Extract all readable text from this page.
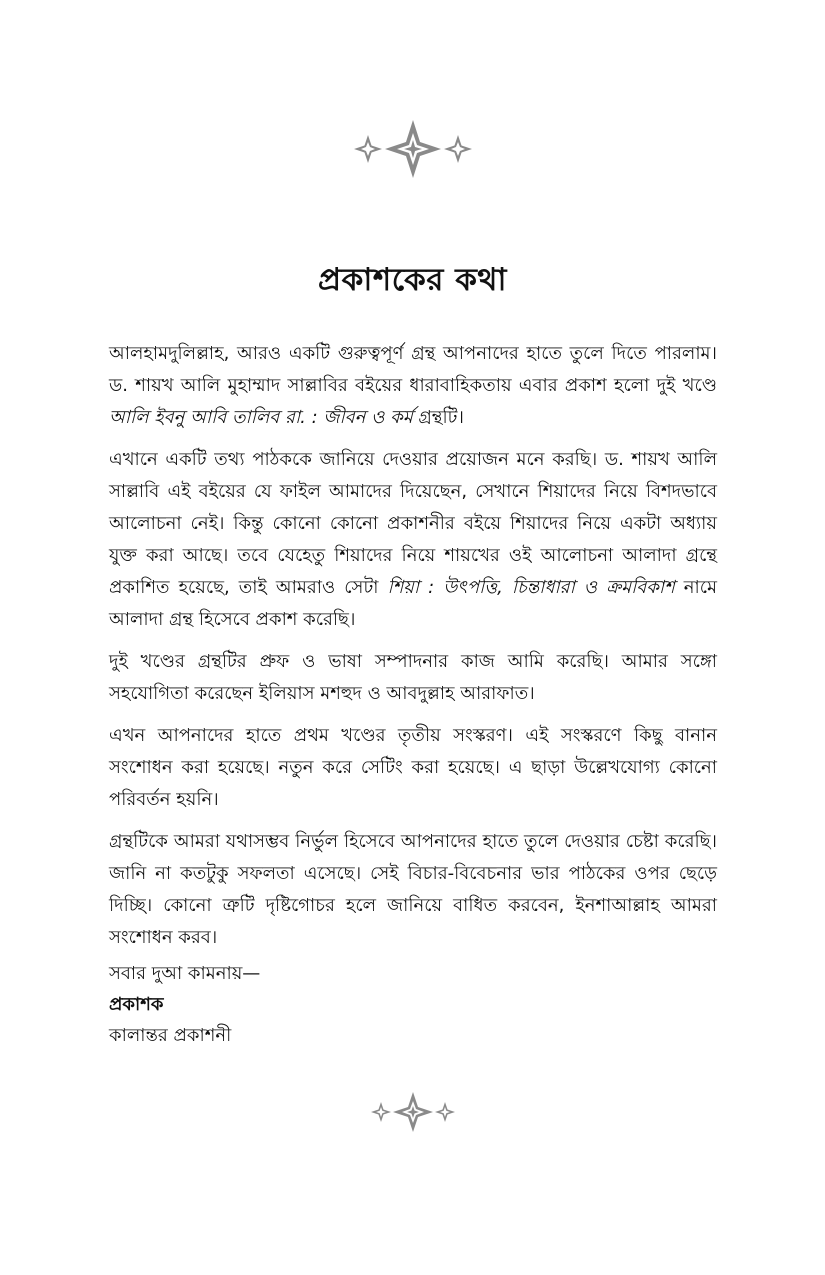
প্রকাশকের কথা

আলহামদুলিল্লাহ, আরও একটি গুরুত্বপূর্ণ গ্রন্থ আপনাদের হাতে তুলে দিতে পারলাম। ড. শায়খ আলি মুহাম্মাদ সাল্লাবির বইয়ের ধারাবাহিকতায় এবার প্রকাশ হলো দুই খণ্ডে আলি ইবনু আবি তালিব রা. : জীবন ও কর্ম গ্রন্থটি।

এখানে একটি তথ্য পাঠককে জানিয়ে দেওয়ার প্রয়োজন মনে করছি। ড. শায়খ আলি সাল্লাবি এই বইয়ের যে ফাইল আমাদের দিয়েছেন, সেখানে শিয়াদের নিয়ে বিশদভাবে আলোচনা নেই। কিন্তু কোনো কোনো প্রকাশনীর বইয়ে শিয়াদের নিয়ে একটা অধ্যায় যুক্ত করা আছে। তবে যেহেতু শিয়াদের নিয়ে শায়খের ওই আলোচনা আলাদা গ্রন্থে প্রকাশিত হয়েছে, তাই আমরাও সেটা শিয়া : উৎপত্তি, চিন্তাধারা ও ক্রমবিকাশ নামে আলাদা গ্রন্থ হিসেবে প্রকাশ করেছি।

দুই খণ্ডের গ্রন্থটির প্রুফ ও ভাষা সম্পাদনার কাজ আমি করেছি। আমার সঙ্গো সহযোগিতা করেছেন ইলিয়াস মশহুদ ও আবদুল্লাহ আরাফাত।

এখন আপনাদের হাতে প্রথম খণ্ডের তৃতীয় সংস্করণ। এই সংস্করণে কিছু বানান সংশোধন করা হয়েছে। নতুন করে সেটিং করা হয়েছে। এ ছাড়া উল্লেখযোগ্য কোনো পরিবর্তন হয়নি।

গ্রন্থটিকে আমরা যথাসম্ভব নির্ভুল হিসেবে আপনাদের হাতে তুলে দেওয়ার চেষ্টা করেছি। জানি না কতটুকু সফলতা এসেছে। সেই বিচার-বিবেচনার ভার পাঠকের ওপর ছেড়ে দিচ্ছি। কোনো ত্রুটি দৃষ্টিগোচর হলে জানিয়ে বাধিত করবেন, ইনশাআল্লাহ আমরা সংশোধন করব।

সবার দুআ কামনায়—
প্রকাশক
কালান্তর প্রকাশনী
